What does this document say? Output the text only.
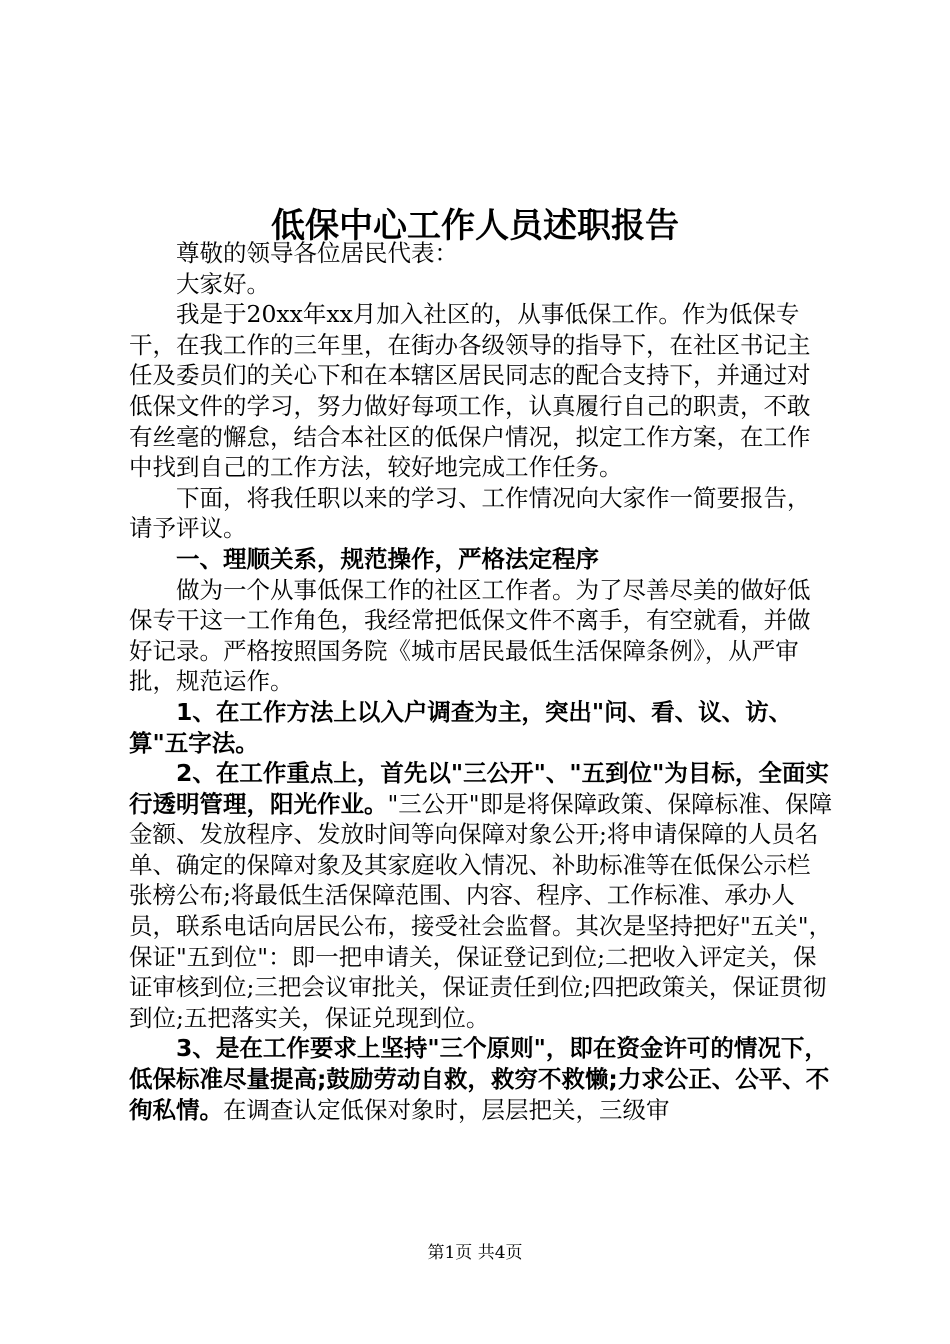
低保中心工作人员述职报告

尊敬的领导各位居民代表：

大家好。

我是于20xx年xx月加入社区的，从事低保工作。作为低保专干，在我工作的三年里，在街办各级领导的指导下，在社区书记主任及委员们的关心下和在本辖区居民同志的配合支持下，并通过对低保文件的学习，努力做好每项工作，认真履行自己的职责，不敢有丝毫的懈怠，结合本社区的低保户情况，拟定工作方案，在工作中找到自己的工作方法，较好地完成工作任务。

下面，将我任职以来的学习、工作情况向大家作一简要报告，请予评议。

一、理顺关系，规范操作，严格法定程序

做为一个从事低保工作的社区工作者。为了尽善尽美的做好低保专干这一工作角色，我经常把低保文件不离手，有空就看，并做好记录。严格按照国务院《城市居民最低生活保障条例》，从严审批，规范运作。

1、在工作方法上以入户调查为主，突出"问、看、议、访、算"五字法。

2、在工作重点上，首先以"三公开"、"五到位"为目标，全面实行透明管理，阳光作业。"三公开"即是将保障政策、保障标准、保障金额、发放程序、发放时间等向保障对象公开;将申请保障的人员名单、确定的保障对象及其家庭收入情况、补助标准等在低保公示栏张榜公布;将最低生活保障范围、内容、程序、工作标准、承办人员，联系电话向居民公布，接受社会监督。其次是坚持把好"五关"，保证"五到位"：即一把申请关，保证登记到位;二把收入评定关，保证审核到位;三把会议审批关，保证责任到位;四把政策关，保证贯彻到位;五把落实关，保证兑现到位。

3、是在工作要求上坚持"三个原则"，即在资金许可的情况下，低保标准尽量提高;鼓励劳动自救，救穷不救懒;力求公正、公平、不徇私情。在调查认定低保对象时，层层把关，三级审

第1页 共4页
